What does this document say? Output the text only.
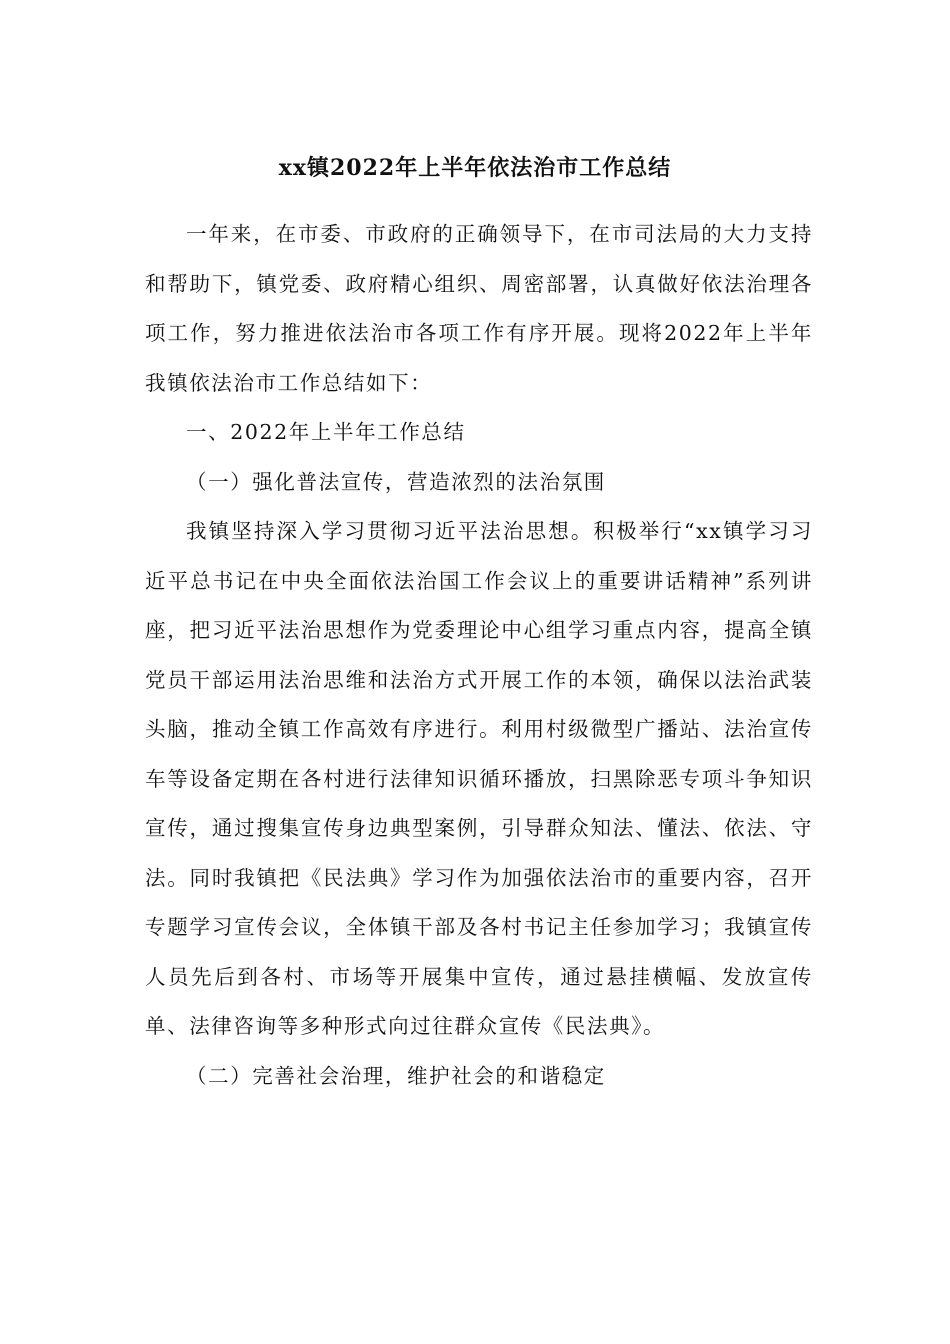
xx镇2022年上半年依法治市工作总结

一年来，在市委、市政府的正确领导下，在市司法局的大力支持和帮助下，镇党委、政府精心组织、周密部署，认真做好依法治理各项工作，努力推进依法治市各项工作有序开展。现将2022年上半年我镇依法治市工作总结如下：

一、2022年上半年工作总结

（一）强化普法宣传，营造浓烈的法治氛围

我镇坚持深入学习贯彻习近平法治思想。积极举行“xx镇学习习近平总书记在中央全面依法治国工作会议上的重要讲话精神”系列讲座，把习近平法治思想作为党委理论中心组学习重点内容，提高全镇党员干部运用法治思维和法治方式开展工作的本领，确保以法治武装头脑，推动全镇工作高效有序进行。利用村级微型广播站、法治宣传车等设备定期在各村进行法律知识循环播放，扫黑除恶专项斗争知识宣传，通过搜集宣传身边典型案例，引导群众知法、懂法、依法、守法。同时我镇把《民法典》学习作为加强依法治市的重要内容，召开专题学习宣传会议，全体镇干部及各村书记主任参加学习；我镇宣传人员先后到各村、市场等开展集中宣传，通过悬挂横幅、发放宣传单、法律咨询等多种形式向过往群众宣传《民法典》。

（二）完善社会治理，维护社会的和谐稳定
